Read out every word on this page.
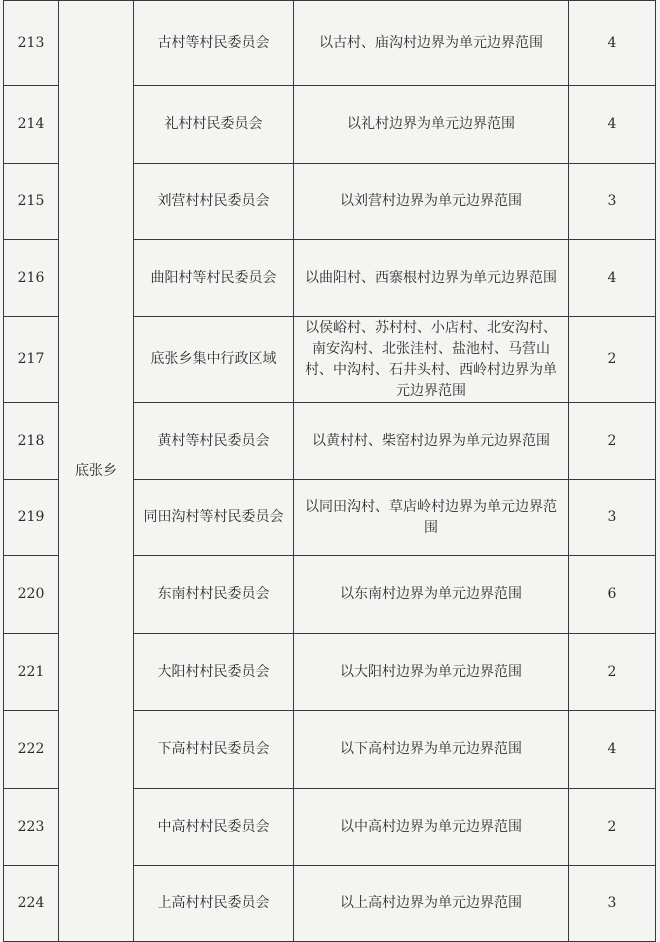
213	底张乡	古村等村民委员会	以古村、庙沟村边界为单元边界范围	4
214		礼村村民委员会	以礼村边界为单元边界范围	4
215		刘营村村民委员会	以刘营村边界为单元边界范围	3
216		曲阳村等村民委员会	以曲阳村、西寨根村边界为单元边界范围	4
217		底张乡集中行政区域	以侯峪村、苏村村、小店村、北安沟村、南安沟村、北张洼村、盐池村、马营山村、中沟村、石井头村、西岭村边界为单元边界范围	2
218		黄村等村民委员会	以黄村村、柴窑村边界为单元边界范围	2
219		同田沟村等村民委员会	以同田沟村、草店岭村边界为单元边界范围	3
220		东南村村民委员会	以东南村边界为单元边界范围	6
221		大阳村村民委员会	以大阳村边界为单元边界范围	2
222		下高村村民委员会	以下高村边界为单元边界范围	4
223		中高村村民委员会	以中高村边界为单元边界范围	2
224		上高村村民委员会	以上高村边界为单元边界范围	3
